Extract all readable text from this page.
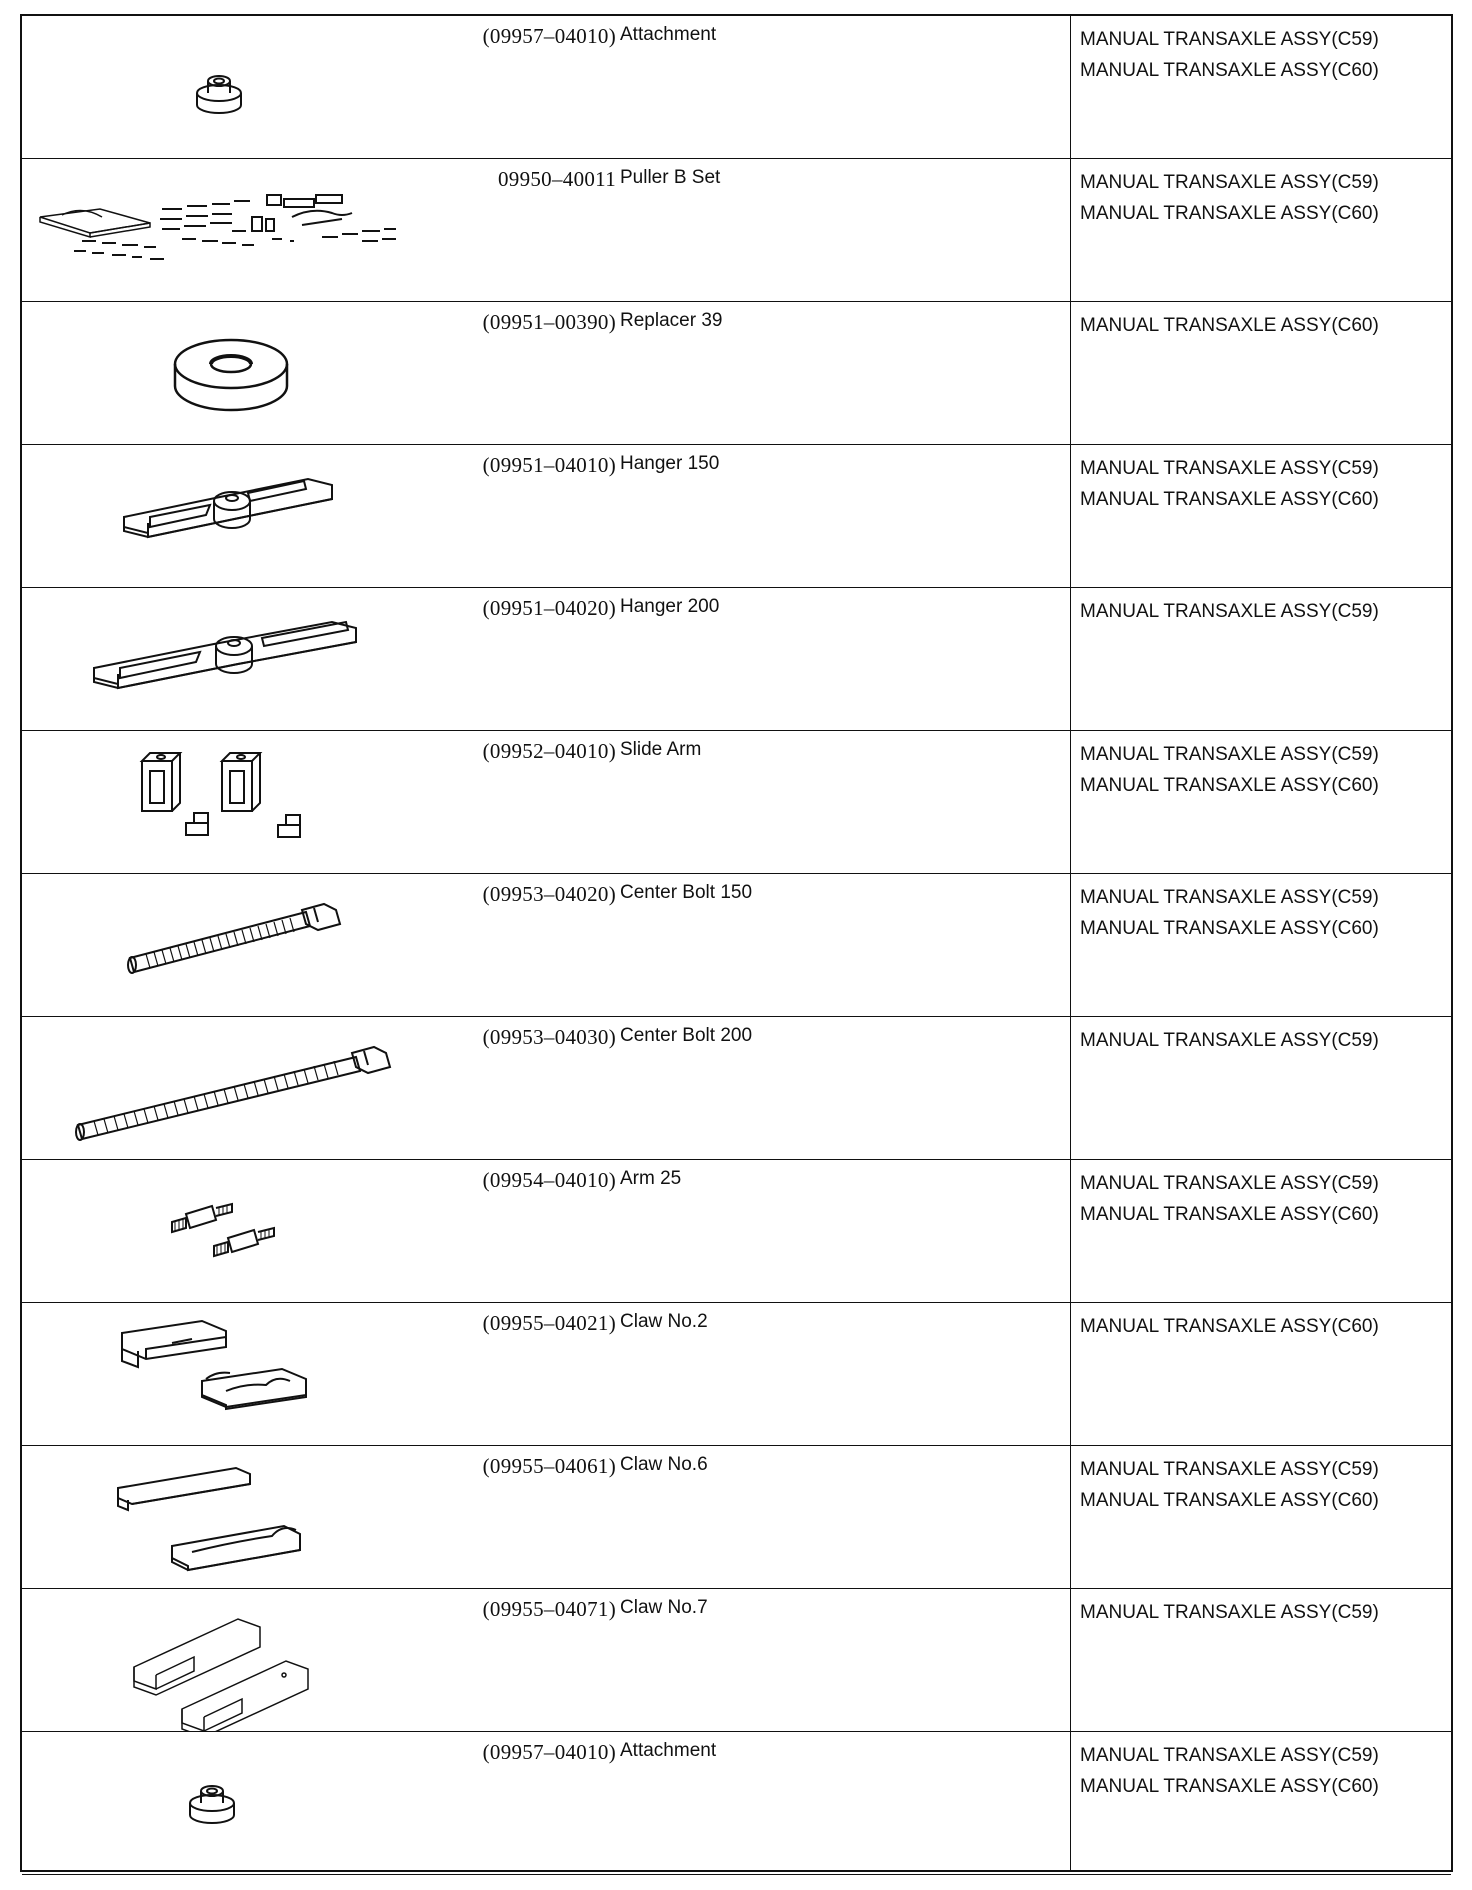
(09957–04010) Attachment	MANUAL TRANSAXLE ASSY(C59)
MANUAL TRANSAXLE ASSY(C60)
09950–40011 Puller B Set	MANUAL TRANSAXLE ASSY(C59)
MANUAL TRANSAXLE ASSY(C60)
(09951–00390) Replacer 39	MANUAL TRANSAXLE ASSY(C60)
(09951–04010) Hanger 150	MANUAL TRANSAXLE ASSY(C59)
MANUAL TRANSAXLE ASSY(C60)
(09951–04020) Hanger 200	MANUAL TRANSAXLE ASSY(C59)
(09952–04010) Slide Arm	MANUAL TRANSAXLE ASSY(C59)
MANUAL TRANSAXLE ASSY(C60)
(09953–04020) Center Bolt 150	MANUAL TRANSAXLE ASSY(C59)
MANUAL TRANSAXLE ASSY(C60)
(09953–04030) Center Bolt 200	MANUAL TRANSAXLE ASSY(C59)
(09954–04010) Arm 25	MANUAL TRANSAXLE ASSY(C59)
MANUAL TRANSAXLE ASSY(C60)
(09955–04021) Claw No.2	MANUAL TRANSAXLE ASSY(C60)
(09955–04061) Claw No.6	MANUAL TRANSAXLE ASSY(C59)
MANUAL TRANSAXLE ASSY(C60)
(09955–04071) Claw No.7	MANUAL TRANSAXLE ASSY(C59)
(09957–04010) Attachment	MANUAL TRANSAXLE ASSY(C59)
MANUAL TRANSAXLE ASSY(C60)
